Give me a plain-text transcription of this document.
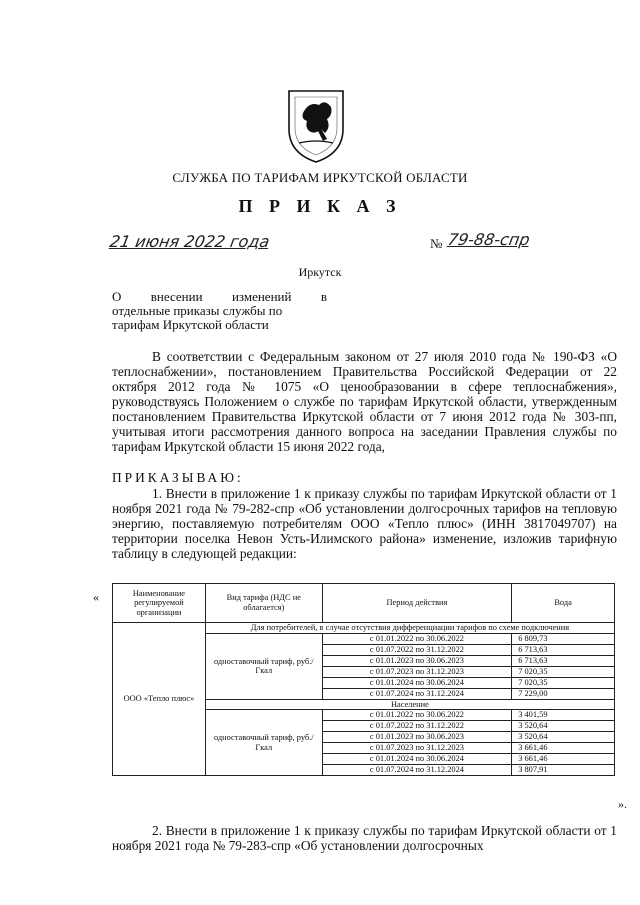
СЛУЖБА ПО ТАРИФАМ ИРКУТСКОЙ ОБЛАСТИ
П Р И К А З
21 июня 2022 года	№ 79-88-спр
Иркутск
О внесении изменений в
отдельные приказы службы по тарифам Иркутской области
В соответствии с Федеральным законом от 27 июля 2010 года № 190-ФЗ «О теплоснабжении», постановлением Правительства Российской Федерации от 22 октября 2012 года № 1075 «О ценообразовании в сфере теплоснабжения», руководствуясь Положением о службе по тарифам Иркутской области, утвержденным постановлением Правительства Иркутской области от 7 июня 2012 года № 303-пп, учитывая итоги рассмотрения данного вопроса на заседании Правления службы по тарифам Иркутской области 15 июня 2022 года,
ПРИКАЗЫВАЮ:
1. Внести в приложение 1 к приказу службы по тарифам Иркутской области от 1 ноября 2021 года № 79-282-спр «Об установлении долгосрочных тарифов на тепловую энергию, поставляемую потребителям ООО «Тепло плюс» (ИНН 3817049707) на территории поселка Невон Усть-Илимского района» изменение, изложив тарифную таблицу в следующей редакции:
«	Наименование регулируемой организации	Вид тарифа (НДС не облагается)	Период действия	Вода
ООО «Тепло плюс»	Для потребителей, в случае отсутствия дифференциации тарифов по схеме подключения		
	одноставочный тариф, руб./Гкал	с 01.01.2022 по 30.06.2022	6 809,73
		с 01.07.2022 по 31.12.2022	6 713,63
		с 01.01.2023 по 30.06.2023	6 713,63
		с 01.07.2023 по 31.12.2023	7 020,35
		с 01.01.2024 по 30.06.2024	7 020,35
		с 01.07.2024 по 31.12.2024	7 229,00
	Население		
	одноставочный тариф, руб./Гкал	с 01.01.2022 по 30.06.2022	3 401,59
		с 01.07.2022 по 31.12.2022	3 520,64
		с 01.01.2023 по 30.06.2023	3 520,64
		с 01.07.2023 по 31.12.2023	3 661,46
		с 01.01.2024 по 30.06.2024	3 661,46
		с 01.07.2024 по 31.12.2024	3 807,91
».
2. Внести в приложение 1 к приказу службы по тарифам Иркутской области от 1 ноября 2021 года № 79-283-спр «Об установлении долгосрочных
